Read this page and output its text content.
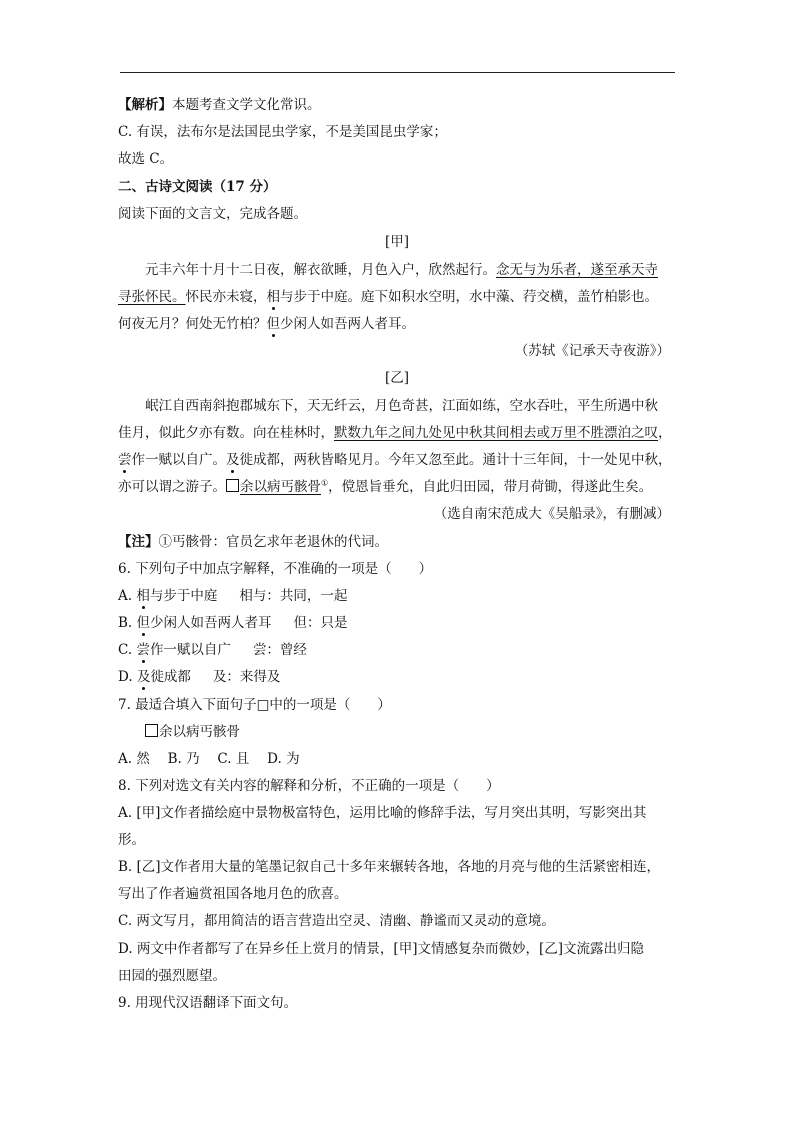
【解析】本题考查文学文化常识。
C. 有误，法布尔是法国昆虫学家，不是美国昆虫学家；
故选 C。
二、古诗文阅读（17 分）
阅读下面的文言文，完成各题。
[甲]
元丰六年十月十二日夜，解衣欲睡，月色入户，欣然起行。念无与为乐者，遂至承天寺
寻张怀民。怀民亦未寝，相与步于中庭。庭下如积水空明，水中藻、荇交横，盖竹柏影也。
何夜无月？何处无竹柏？但少闲人如吾两人者耳。
（苏轼《记承天寺夜游》）
[乙]
岷江自西南斜抱郡城东下，天无纤云，月色奇甚，江面如练，空水吞吐，平生所遇中秋
佳月，似此夕亦有数。向在桂林时，默数九年之间九处见中秋其间相去或万里不胜漂泊之叹，
尝作一赋以自广。及徙成都，两秋皆略见月。今年又忽至此。通计十三年间，十一处见中秋，
亦可以谓之游子。 余以病丐骸骨①，傥恩旨垂允，自此归田园，带月荷锄，得遂此生矣。
（选自南宋范成大《吴船录》，有删减）
【注】①丐骸骨：官员乞求年老退休的代词。
6. 下列句子中加点字解释，不准确的一项是（　　）
A. 相与步于中庭 相与：共同，一起
B. 但少闲人如吾两人者耳 但：只是
C. 尝作一赋以自广 尝：曾经
D. 及徙成都 及：来得及
7. 最适合填入下面句子□中的一项是（　　）
余以病丐骸骨
A. 然　 B. 乃　 C. 且　 D. 为
8. 下列对选文有关内容的解释和分析，不正确的一项是（　　）
A. [甲]文作者描绘庭中景物极富特色，运用比喻的修辞手法，写月突出其明，写影突出其
形。
B. [乙]文作者用大量的笔墨记叙自己十多年来辗转各地，各地的月亮与他的生活紧密相连，
写出了作者遍赏祖国各地月色的欣喜。
C. 两文写月，都用简洁的语言营造出空灵、清幽、静谧而又灵动的意境。
D. 两文中作者都写了在异乡任上赏月的情景，[甲]文情感复杂而微妙，[乙]文流露出归隐
田园的强烈愿望。
9. 用现代汉语翻译下面文句。
